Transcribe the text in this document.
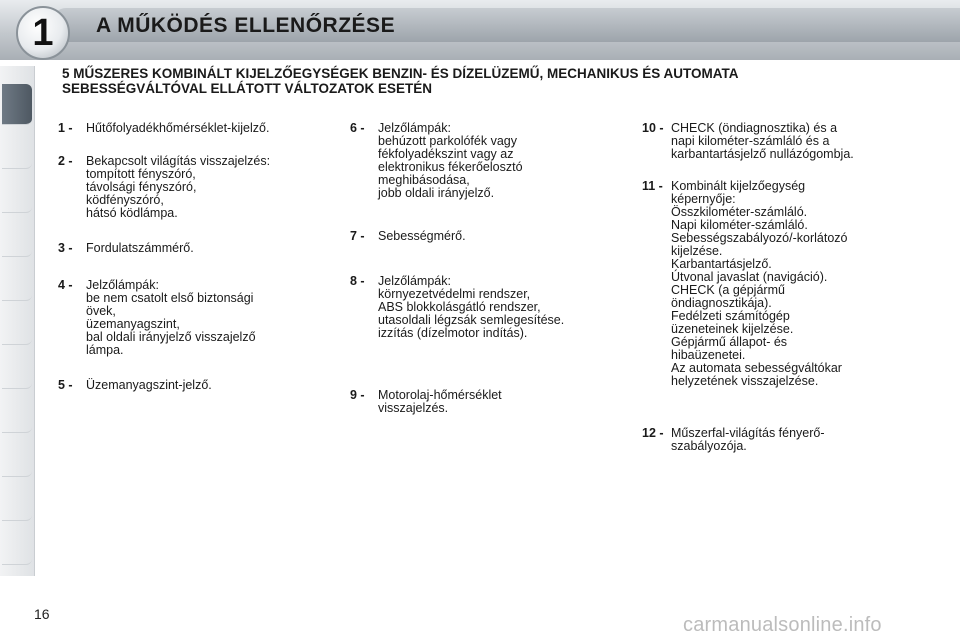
1	A MŰKÖDÉS ELLENŐRZÉSE
5 MŰSZERES KOMBINÁLT KIJELZŐEGYSÉGEK BENZIN- ÉS DÍZELÜZEMŰ, MECHANIKUS ÉS AUTOMATA SEBESSÉGVÁLTÓVAL ELLÁTOTT VÁLTOZATOK ESETÉN
1 - Hűtőfolyadékhőmérséklet-kijelző.
2 - Bekapcsolt világítás visszajelzés:
tompított fényszóró,
távolsági fényszóró,
ködfényszóró,
hátsó ködlámpa.
3 - Fordulatszámmérő.
4 - Jelzőlámpák:
be nem csatolt első biztonsági
övek,
üzemanyagszint,
bal oldali irányjelző visszajelző
lámpa.
5 - Üzemanyagszint-jelző.
6 - Jelzőlámpák:
behúzott parkolófék vagy
fékfolyadékszint vagy az
elektronikus fékerőelosztó
meghibásodása,
jobb oldali irányjelző.
7 - Sebességmérő.
8 - Jelzőlámpák:
környezetvédelmi rendszer,
ABS blokkolásgátló rendszer,
utasoldali légzsák semlegesítése.
izzítás (dízelmotor indítás).
9 - Motorolaj-hőmérséklet
visszajelzés.
10 - CHECK (öndiagnosztika) és a
napi kilométer-számláló és a
karbantartásjelző nullázógombja.
11 - Kombinált kijelzőegység
képernyője:
Összkilométer-számláló.
Napi kilométer-számláló.
Sebességszabályozó/-korlátozó
kijelzése.
Karbantartásjelző.
Útvonal javaslat (navigáció).
CHECK (a gépjármű
öndiagnosztikája).
Fedélzeti számítógép
üzeneteinek kijelzése.
Gépjármű állapot- és
hibaüzenetei.
Az automata sebességváltókar
helyzetének visszajelzése.
12 - Műszerfal-világítás fényerő-
szabályozója.
16	carmanualsonline.info
